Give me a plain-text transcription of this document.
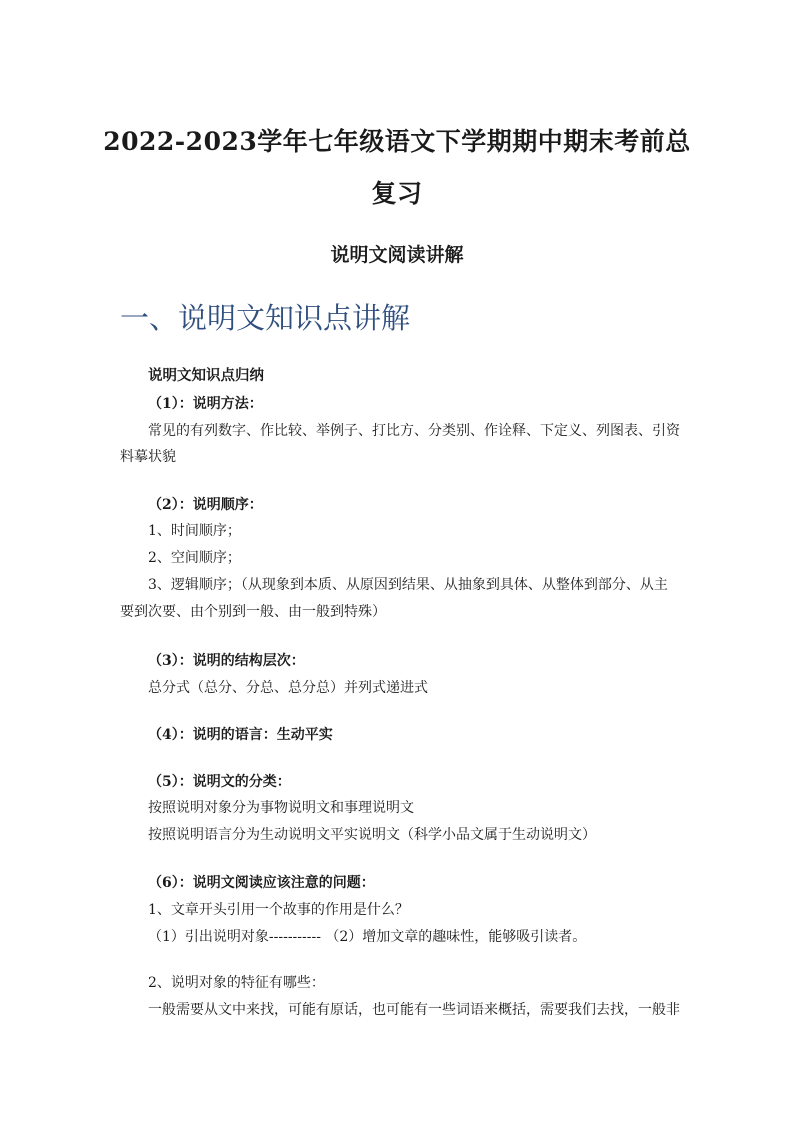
2022-2023学年七年级语文下学期期中期末考前总
复习
说明文阅读讲解
一、说明文知识点讲解
说明文知识点归纳
（1）：说明方法：
常见的有列数字、作比较、举例子、打比方、分类别、作诠释、下定义、列图表、引资
料摹状貌
（2）：说明顺序：
1、时间顺序；
2、空间顺序；
3、逻辑顺序；（从现象到本质、从原因到结果、从抽象到具体、从整体到部分、从主
要到次要、由个别到一般、由一般到特殊）
（3）：说明的结构层次：
总分式（总分、分总、总分总）并列式递进式
（4）：说明的语言：生动平实
（5）：说明文的分类：
按照说明对象分为事物说明文和事理说明文
按照说明语言分为生动说明文平实说明文（科学小品文属于生动说明文）
（6）：说明文阅读应该注意的问题：
1、文章开头引用一个故事的作用是什么？
（1）引出说明对象----------- （2）增加文章的趣味性，能够吸引读者。
2、说明对象的特征有哪些：
一般需要从文中来找，可能有原话，也可能有一些词语来概括，需要我们去找，一般非
